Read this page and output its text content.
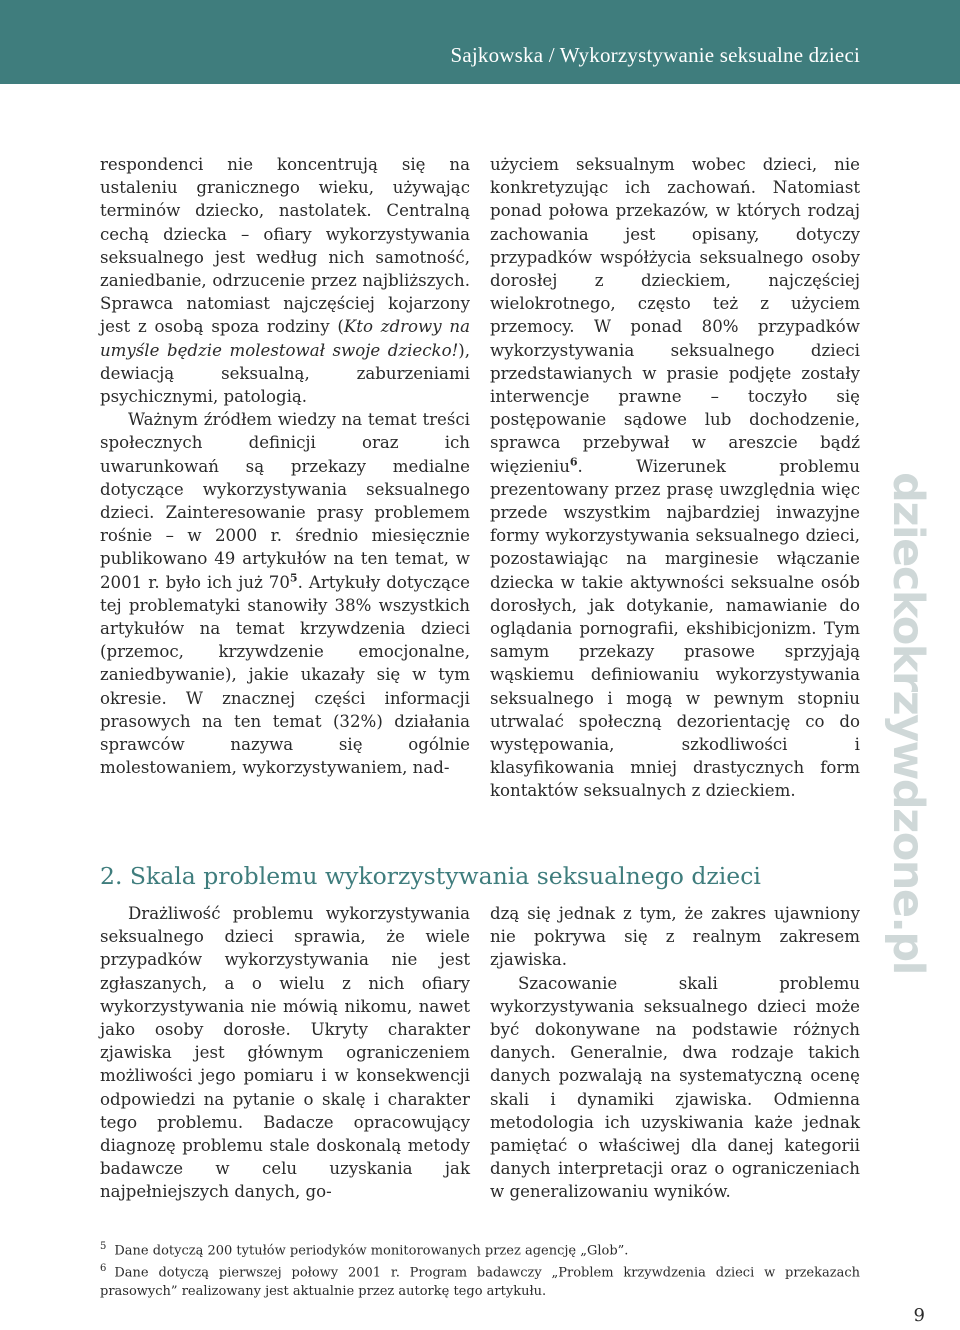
Sajkowska / Wykorzystywanie seksualne dzieci

respondenci nie koncentrują się na ustaleniu granicznego wieku, używając terminów dziecko, nastolatek. Centralną cechą dziecka – ofiary wykorzystywania seksualnego jest według nich samotność, zaniedbanie, odrzucenie przez najbliższych. Sprawca natomiast najczęściej kojarzony jest z osobą spoza rodziny (Kto zdrowy na umyśle będzie molestował swoje dziecko!), dewiacją seksualną, zaburzeniami psychicznymi, patologią.

Ważnym źródłem wiedzy na temat treści społecznych definicji oraz ich uwarunkowań są przekazy medialne dotyczące wykorzystywania seksualnego dzieci. Zainteresowanie prasy problemem rośnie – w 2000 r. średnio miesięcznie publikowano 49 artykułów na ten temat, w 2001 r. było ich już 70$^5$. Artykuły dotyczące tej problematyki stanowiły 38% wszystkich artykułów na temat krzywdzenia dzieci (przemoc, krzywdzenie emocjonalne, zaniedbywanie), jakie ukazały się w tym okresie. W znacznej części informacji prasowych na ten temat (32%) działania sprawców nazywa się ogólnie molestowaniem, wykorzystywaniem, nad-

użyciem seksualnym wobec dzieci, nie konkretyzując ich zachowań. Natomiast ponad połowa przekazów, w których rodzaj zachowania jest opisany, dotyczy przypadków współżycia seksualnego osoby dorosłej z dzieckiem, najczęściej wielokrotnego, często też z użyciem przemocy. W ponad 80% przypadków wykorzystywania seksualnego dzieci przedstawianych w prasie podjęte zostały interwencje prawne – toczyło się postępowanie sądowe lub dochodzenie, sprawca przebywał w areszcie bądź więzieniu$^6$. Wizerunek problemu prezentowany przez prasę uwzględnia więc przede wszystkim najbardziej inwazyjne formy wykorzystywania seksualnego dzieci, pozostawiając na marginesie włączanie dziecka w takie aktywności seksualne osób dorosłych, jak dotykanie, namawianie do oglądania pornografii, ekshibicjonizm. Tym samym przekazy prasowe sprzyjają wąskiemu definiowaniu wykorzystywania seksualnego i mogą w pewnym stopniu utrwalać społeczną dezorientację co do występowania, szkodliwości i klasyfikowania mniej drastycznych form kontaktów seksualnych z dzieckiem.

2. Skala problemu wykorzystywania seksualnego dzieci

Drażliwość problemu wykorzystywania seksualnego dzieci sprawia, że wiele przypadków wykorzystywania nie jest zgłaszanych, a o wielu z nich ofiary wykorzystywania nie mówią nikomu, nawet jako osoby dorosłe. Ukryty charakter zjawiska jest głównym ograniczeniem możliwości jego pomiaru i w konsekwencji odpowiedzi na pytanie o skalę i charakter tego problemu. Badacze opracowujący diagnozę problemu stale doskonalą metody badawcze w celu uzyskania jak najpełniejszych danych, go-

dzą się jednak z tym, że zakres ujawniony nie pokrywa się z realnym zakresem zjawiska.

Szacowanie skali problemu wykorzystywania seksualnego dzieci może być dokonywane na podstawie różnych danych. Generalnie, dwa rodzaje takich danych pozwalają na systematyczną ocenę skali i dynamiki zjawiska. Odmienna metodologia ich uzyskiwania każe jednak pamiętać o właściwej dla danej kategorii danych interpretacji oraz o ograniczeniach w generalizowaniu wyników.

dzieckokrzywdzone.pl

$^5$ Dane dotyczą 200 tytułów periodyków monitorowanych przez agencję „Glob”.

$^6$ Dane dotyczą pierwszej połowy 2001 r. Program badawczy „Problem krzywdzenia dzieci w przekazach prasowych” realizowany jest aktualnie przez autorkę tego artykułu.

9
